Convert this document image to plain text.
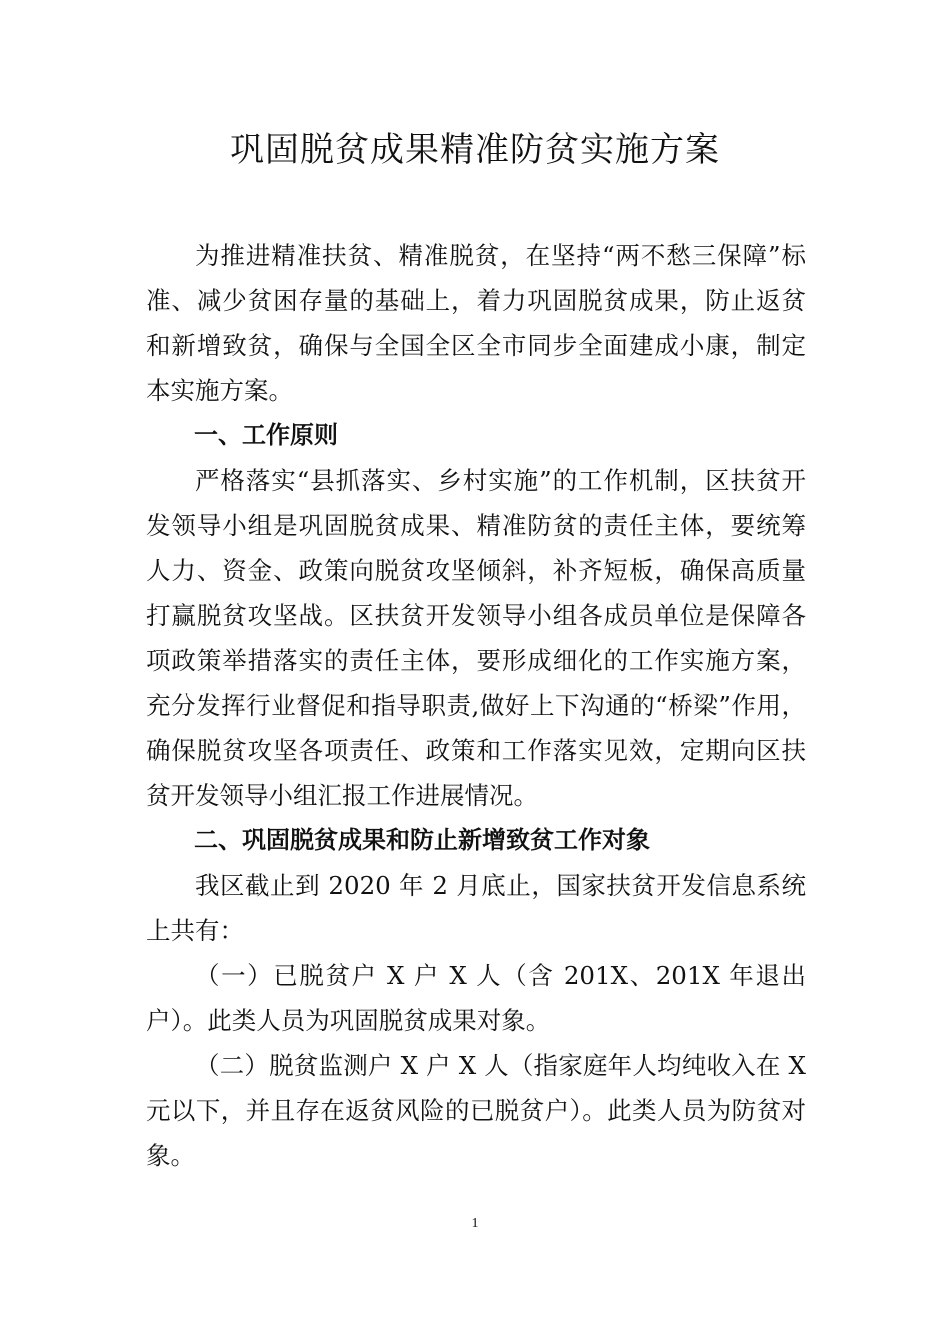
巩固脱贫成果精准防贫实施方案

为推进精准扶贫、精准脱贫，在坚持“两不愁三保障”标准、减少贫困存量的基础上，着力巩固脱贫成果，防止返贫和新增致贫，确保与全国全区全市同步全面建成小康，制定本实施方案。

一、工作原则

严格落实“县抓落实、乡村实施”的工作机制，区扶贫开发领导小组是巩固脱贫成果、精准防贫的责任主体，要统筹人力、资金、政策向脱贫攻坚倾斜，补齐短板，确保高质量打赢脱贫攻坚战。区扶贫开发领导小组各成员单位是保障各项政策举措落实的责任主体，要形成细化的工作实施方案，充分发挥行业督促和指导职责,做好上下沟通的“桥梁”作用，确保脱贫攻坚各项责任、政策和工作落实见效，定期向区扶贫开发领导小组汇报工作进展情况。

二、巩固脱贫成果和防止新增致贫工作对象

我区截止到 2020 年 2 月底止，国家扶贫开发信息系统上共有：

（一）已脱贫户 X 户 X 人（含 201X、201X 年退出户）。此类人员为巩固脱贫成果对象。

（二）脱贫监测户 X 户 X 人（指家庭年人均纯收入在 X 元以下，并且存在返贫风险的已脱贫户）。此类人员为防贫对象。

1
